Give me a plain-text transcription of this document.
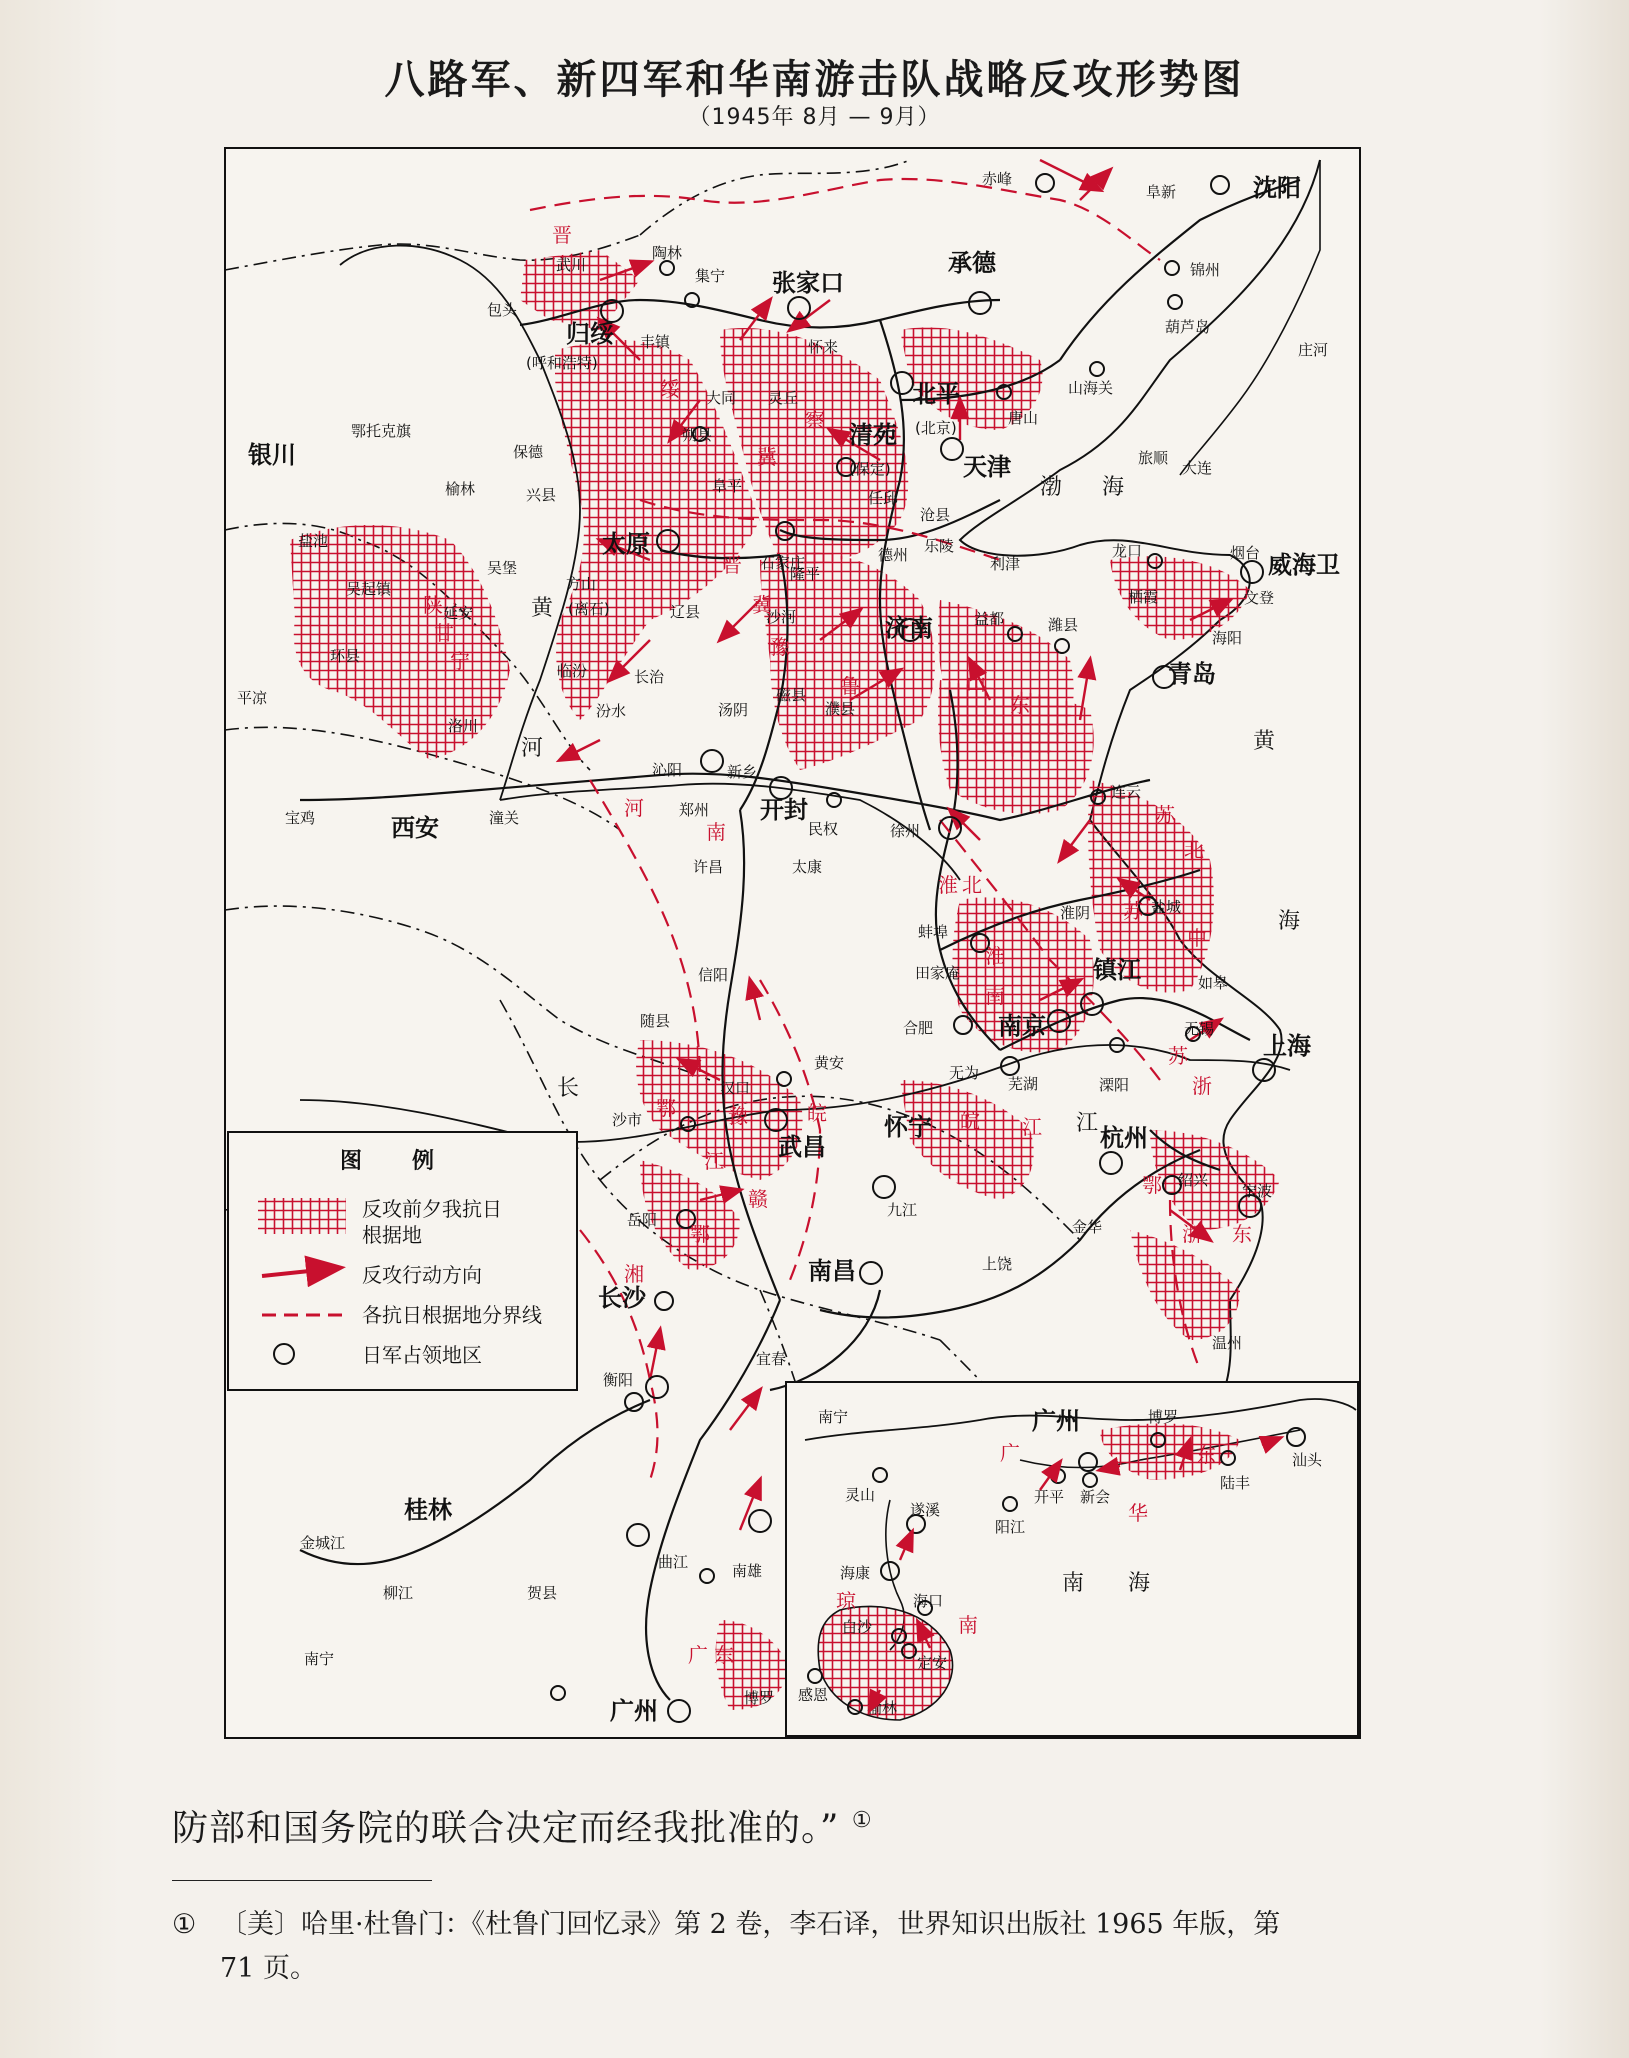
八路军、新四军和华南游击队战略反攻形势图
（1945年 8月 — 9月）
沈阳
阜新
赤峰
锦州
葫芦岛
庄河
山海关
旅顺
大连
承德
张家口
陶林
武川
集宁
包头
归绥
(呼和浩特)
丰镇	怀来
唐山
北平
(北京)
大同 灵丘
清苑
(保定)	天津
朔县
阜平
任邱
沧县
鄂托克旗
银川	保德
榆林	兴县
太原
石家庄	德州 乐陵
利津
龙口	烟台 威海卫
盐池
吴堡
方山
(离石)
吴起镇
延安
环县
辽县
隆平
沙河	济南	益都	潍县
栖霞	文登
海阳
青岛
平凉
临汾	长治
磁县
汾水	汤阴	濮县
洛川
沁阳	新乡
宝鸡	西安	潼关	郑州 开封
民权	徐州
连云
许昌	太康
盐城
淮阴
蚌埠
田家庵	镇江	如皋
信阳
合肥	南京	无锡
上海
随县
黄安
无为
芜湖	溧阳
汉口
沙市
武昌
怀宁	杭州
绍兴
宁波
九江
岳阳	金华
南昌	上饶
长沙
温州
宜春
衡阳
桂林
金城江
柳江	贺县
曲江	南雄
南宁
博罗
广州
晋
绥
察
冀
晋
冀
鲁
豫
山
东
陕
甘
宁
河
南
苏
北
淮 北
苏
中
淮
南
苏
浙
皖 江
鄂	豫	皖
湘
鄂
赣
鄂
江
浙 东
广 东
黄
河
长
江
渤 海
黄
海
图　例
反攻前夕我抗日
根据地
反攻行动方向
各抗日根据地分界线
日军占领地区
南宁
灵山
广州	博罗
汕头
陆丰
开平 新会
阳江
遂溪
海康
海口
白沙
定安
感恩
榆林
南　　海
广	东
华
琼
南
防部和国务院的联合决定而经我批准的。” ①
① 〔美〕哈里·杜鲁门：《杜鲁门回忆录》第 2 卷，李石译，世界知识出版社 1965 年版，第
71 页。
